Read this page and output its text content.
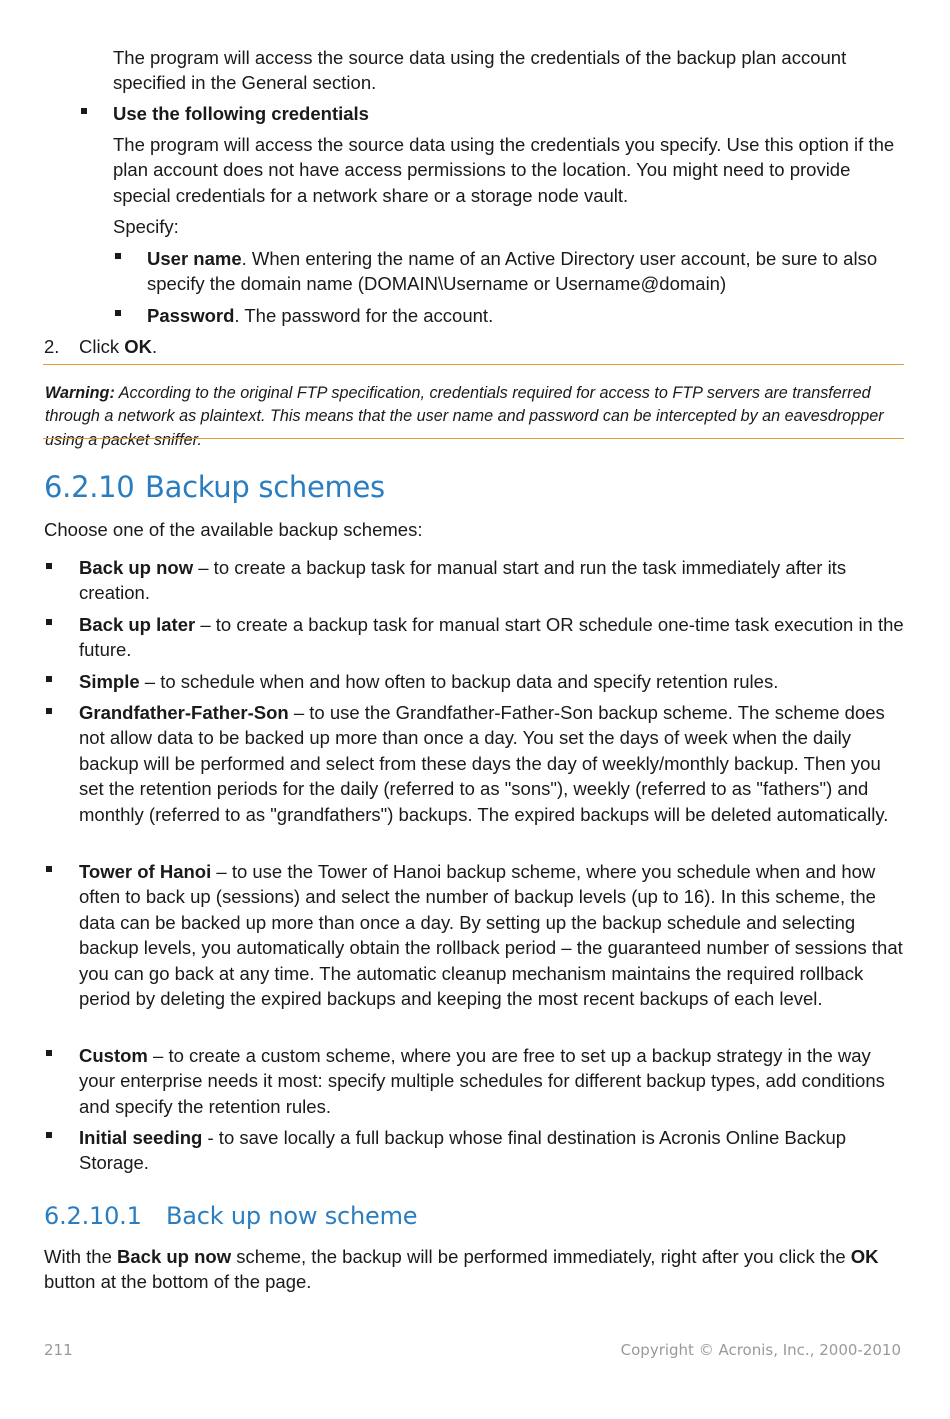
The program will access the source data using the credentials of the backup plan account specified in the General section.

Use the following credentials

The program will access the source data using the credentials you specify. Use this option if the plan account does not have access permissions to the location. You might need to provide special credentials for a network share or a storage node vault.

Specify:

User name. When entering the name of an Active Directory user account, be sure to also specify the domain name (DOMAIN\Username or Username@domain)

Password. The password for the account.

2. Click OK.

Warning: According to the original FTP specification, credentials required for access to FTP servers are transferred through a network as plaintext. This means that the user name and password can be intercepted by an eavesdropper using a packet sniffer.

6.2.10 Backup schemes

Choose one of the available backup schemes:

Back up now – to create a backup task for manual start and run the task immediately after its creation.

Back up later – to create a backup task for manual start OR schedule one-time task execution in the future.

Simple – to schedule when and how often to backup data and specify retention rules.

Grandfather-Father-Son – to use the Grandfather-Father-Son backup scheme. The scheme does not allow data to be backed up more than once a day. You set the days of week when the daily backup will be performed and select from these days the day of weekly/monthly backup. Then you set the retention periods for the daily (referred to as "sons"), weekly (referred to as "fathers") and monthly (referred to as "grandfathers") backups. The expired backups will be deleted automatically.

Tower of Hanoi – to use the Tower of Hanoi backup scheme, where you schedule when and how often to back up (sessions) and select the number of backup levels (up to 16). In this scheme, the data can be backed up more than once a day. By setting up the backup schedule and selecting backup levels, you automatically obtain the rollback period – the guaranteed number of sessions that you can go back at any time. The automatic cleanup mechanism maintains the required rollback period by deleting the expired backups and keeping the most recent backups of each level.

Custom – to create a custom scheme, where you are free to set up a backup strategy in the way your enterprise needs it most: specify multiple schedules for different backup types, add conditions and specify the retention rules.

Initial seeding - to save locally a full backup whose final destination is Acronis Online Backup Storage.

6.2.10.1 Back up now scheme

With the Back up now scheme, the backup will be performed immediately, right after you click the OK button at the bottom of the page.

211	Copyright © Acronis, Inc., 2000-2010
